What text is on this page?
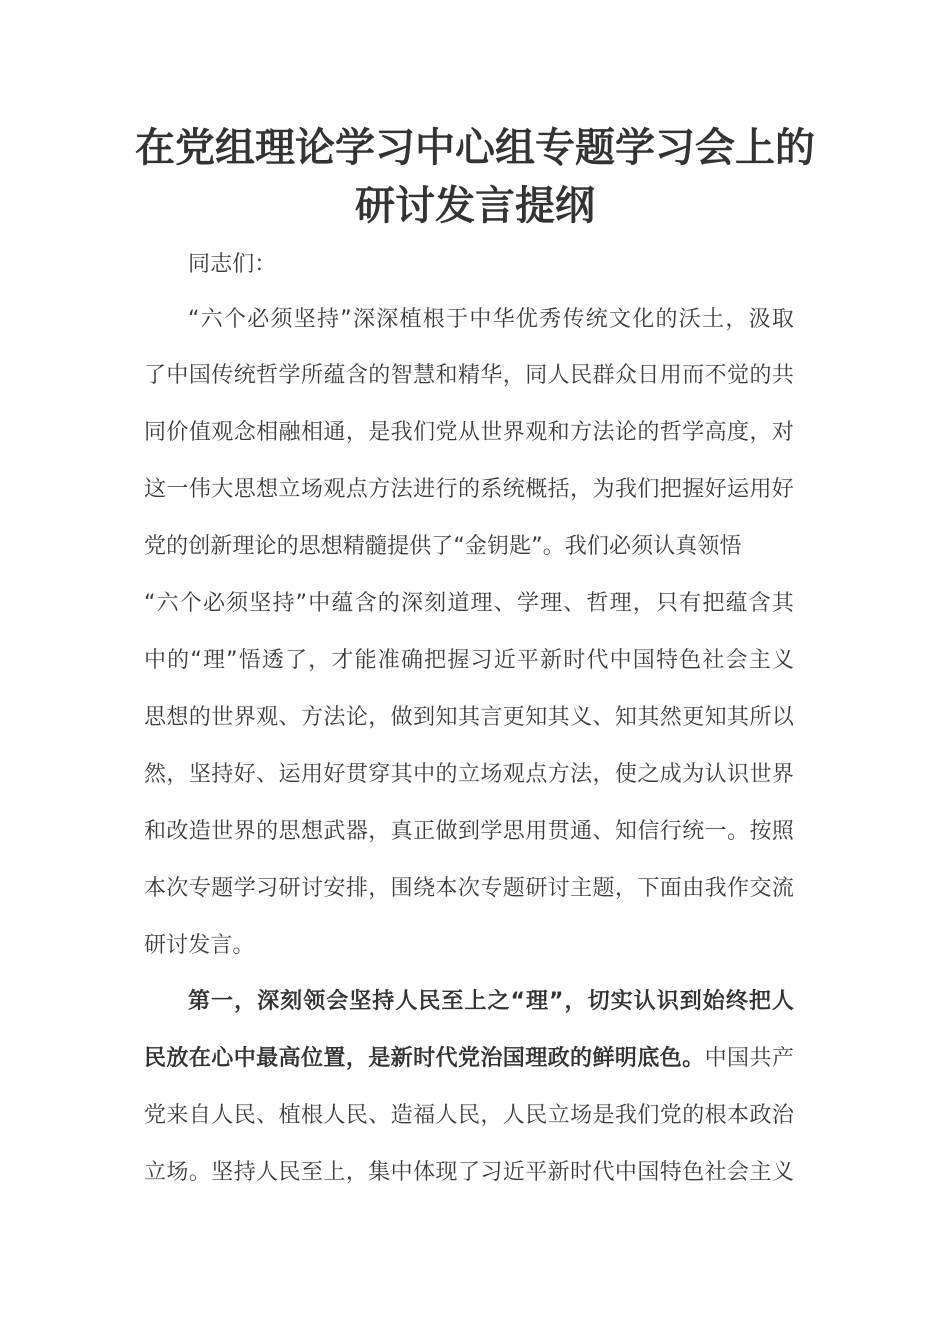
在党组理论学习中心组专题学习会上的
研讨发言提纲
同志们：
“六个必须坚持”深深植根于中华优秀传统文化的沃土，汲取
了中国传统哲学所蕴含的智慧和精华，同人民群众日用而不觉的共
同价值观念相融相通，是我们党从世界观和方法论的哲学高度，对
这一伟大思想立场观点方法进行的系统概括，为我们把握好运用好
党的创新理论的思想精髓提供了“金钥匙”。我们必须认真领悟
“六个必须坚持”中蕴含的深刻道理、学理、哲理，只有把蕴含其
中的“理”悟透了，才能准确把握习近平新时代中国特色社会主义
思想的世界观、方法论，做到知其言更知其义、知其然更知其所以
然，坚持好、运用好贯穿其中的立场观点方法，使之成为认识世界
和改造世界的思想武器，真正做到学思用贯通、知信行统一。按照
本次专题学习研讨安排，围绕本次专题研讨主题，下面由我作交流
研讨发言。
第一，深刻领会坚持人民至上之“理”，切实认识到始终把人
民放在心中最高位置，是新时代党治国理政的鲜明底色。中国共产
党来自人民、植根人民、造福人民，人民立场是我们党的根本政治
立场。坚持人民至上，集中体现了习近平新时代中国特色社会主义
